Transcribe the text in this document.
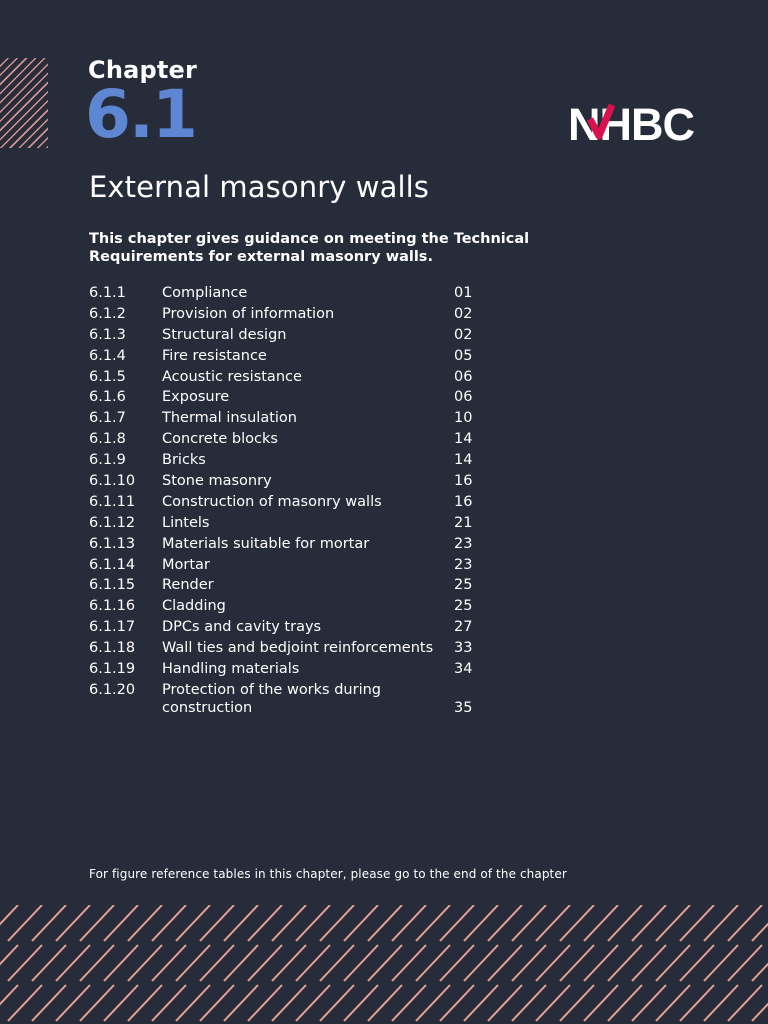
Chapter
6.1	NHBC
External masonry walls

This chapter gives guidance on meeting the Technical Requirements for external masonry walls.

6.1.1	Compliance	01
6.1.2	Provision of information	02
6.1.3	Structural design	02
6.1.4	Fire resistance	05
6.1.5	Acoustic resistance	06
6.1.6	Exposure	06
6.1.7	Thermal insulation	10
6.1.8	Concrete blocks	14
6.1.9	Bricks	14
6.1.10	Stone masonry	16
6.1.11	Construction of masonry walls	16
6.1.12	Lintels	21
6.1.13	Materials suitable for mortar	23
6.1.14	Mortar	23
6.1.15	Render	25
6.1.16	Cladding	25
6.1.17	DPCs and cavity trays	27
6.1.18	Wall ties and bedjoint reinforcements	33
6.1.19	Handling materials	34
6.1.20	Protection of the works during construction	35
For figure reference tables in this chapter, please go to the end of the chapter
